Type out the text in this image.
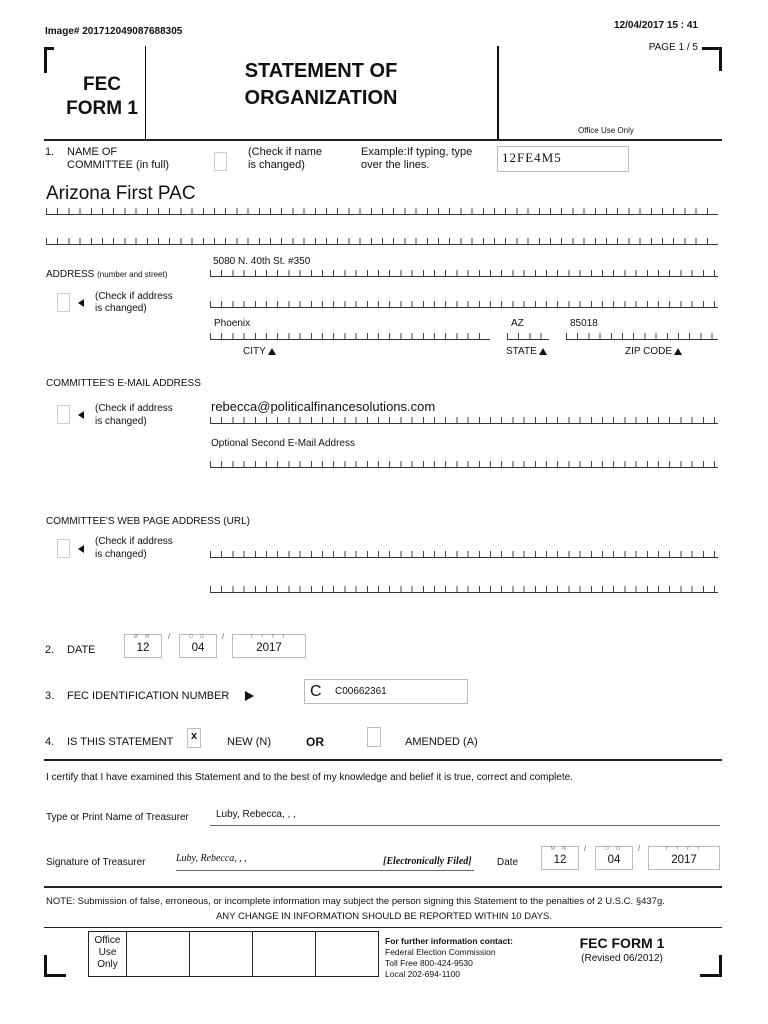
Image# 201712049087688305
12/04/2017 15 : 41
PAGE 1 / 5
FEC
FORM 1
STATEMENT OF
ORGANIZATION
Office Use Only
1. NAME OF
COMMITTEE (in full)
(Check if name
is changed)
Example:If typing, type
over the lines.	12FE4M5
Arizona First PAC
5080 N. 40th St. #350
ADDRESS (number and street)
(Check if address
is changed)
Phoenix	AZ	85018
CITY	STATE	ZIP CODE
COMMITTEE'S E-MAIL ADDRESS
(Check if address
is changed)
rebecca@politicalfinancesolutions.com
Optional Second E-Mail Address
COMMITTEE'S WEB PAGE ADDRESS (URL)
(Check if address
is changed)
2. DATE
M M
12
/	D D
04
/	Y Y Y Y
2017
3. FEC IDENTIFICATION NUMBER	C C00662361
4. IS THIS STATEMENT	x	NEW (N)	OR	AMENDED (A)
I certify that I have examined this Statement and to the best of my knowledge and belief it is true, correct and complete.
Type or Print Name of Treasurer	Luby, Rebecca, , ,
Signature of Treasurer	Luby, Rebecca, , ,	[Electronically Filed]	Date
M M
12
/	D D
04
/	Y Y Y Y
2017
NOTE: Submission of false, erroneous, or incomplete information may subject the person signing this Statement to the penalties of 2 U.S.C. §437g.
ANY CHANGE IN INFORMATION SHOULD BE REPORTED WITHIN 10 DAYS.
Office
Use
Only
For further information contact:
Federal Election Commission
Toll Free 800-424-9530
Local 202-694-1100
FEC FORM 1
(Revised 06/2012)
